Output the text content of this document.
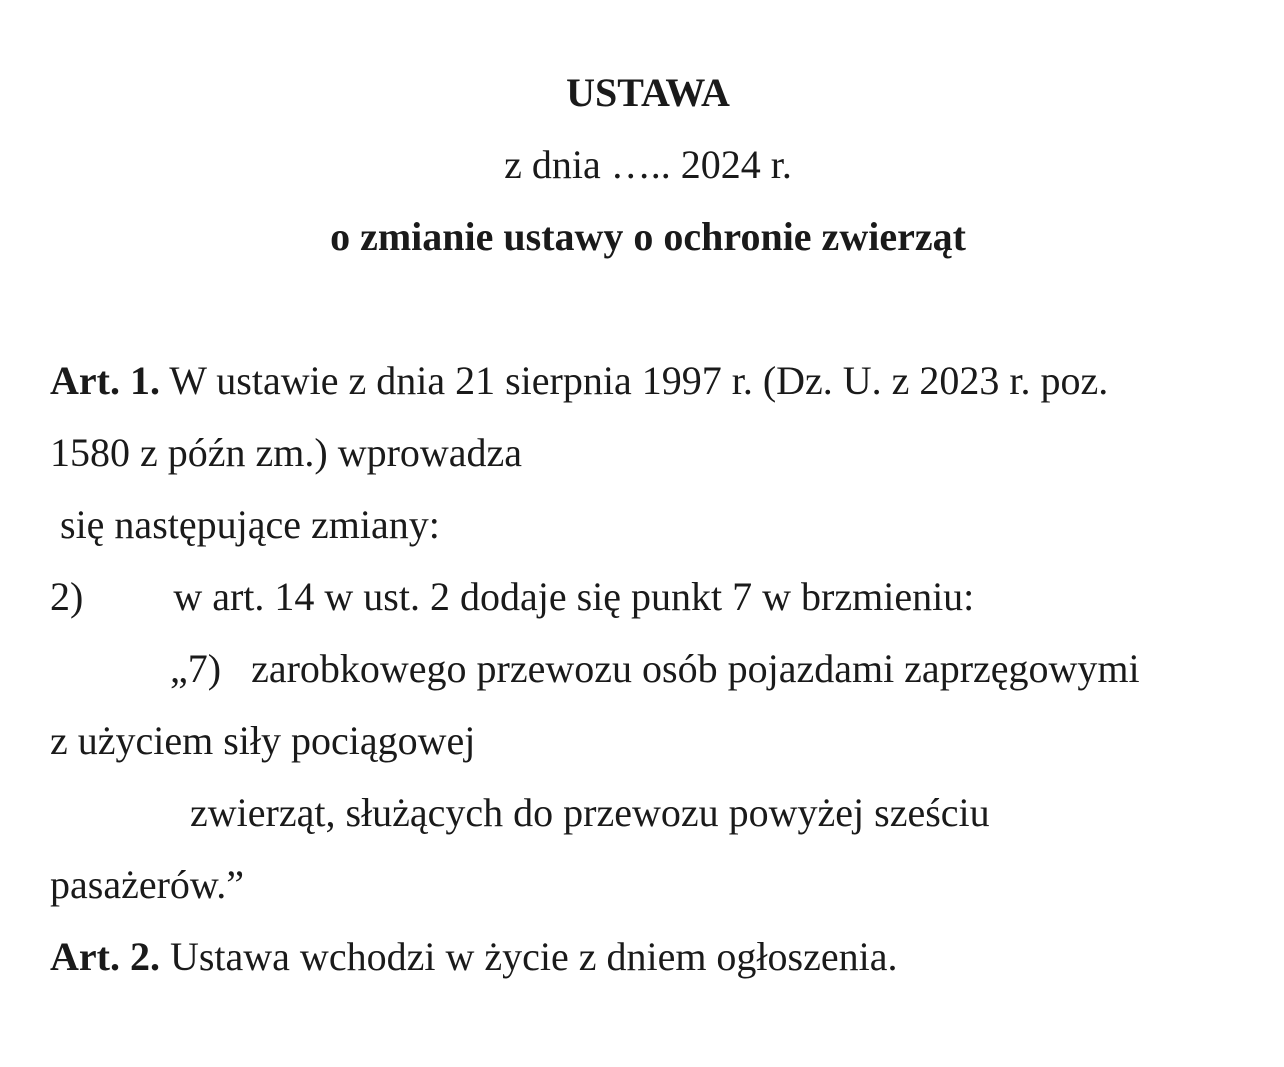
USTAWA
z dnia ….. 2024 r.
o zmianie ustawy o ochronie zwierząt
Art. 1. W ustawie z dnia 21 sierpnia 1997 r. (Dz. U. z 2023 r. poz.
1580 z późn zm.) wprowadza
się następujące zmiany:
2)         w art. 14 w ust. 2 dodaje się punkt 7 w brzmieniu:
„7)   zarobkowego przewozu osób pojazdami zaprzęgowymi
z użyciem siły pociągowej
zwierząt, służących do przewozu powyżej sześciu
pasażerów.”
Art. 2. Ustawa wchodzi w życie z dniem ogłoszenia.
